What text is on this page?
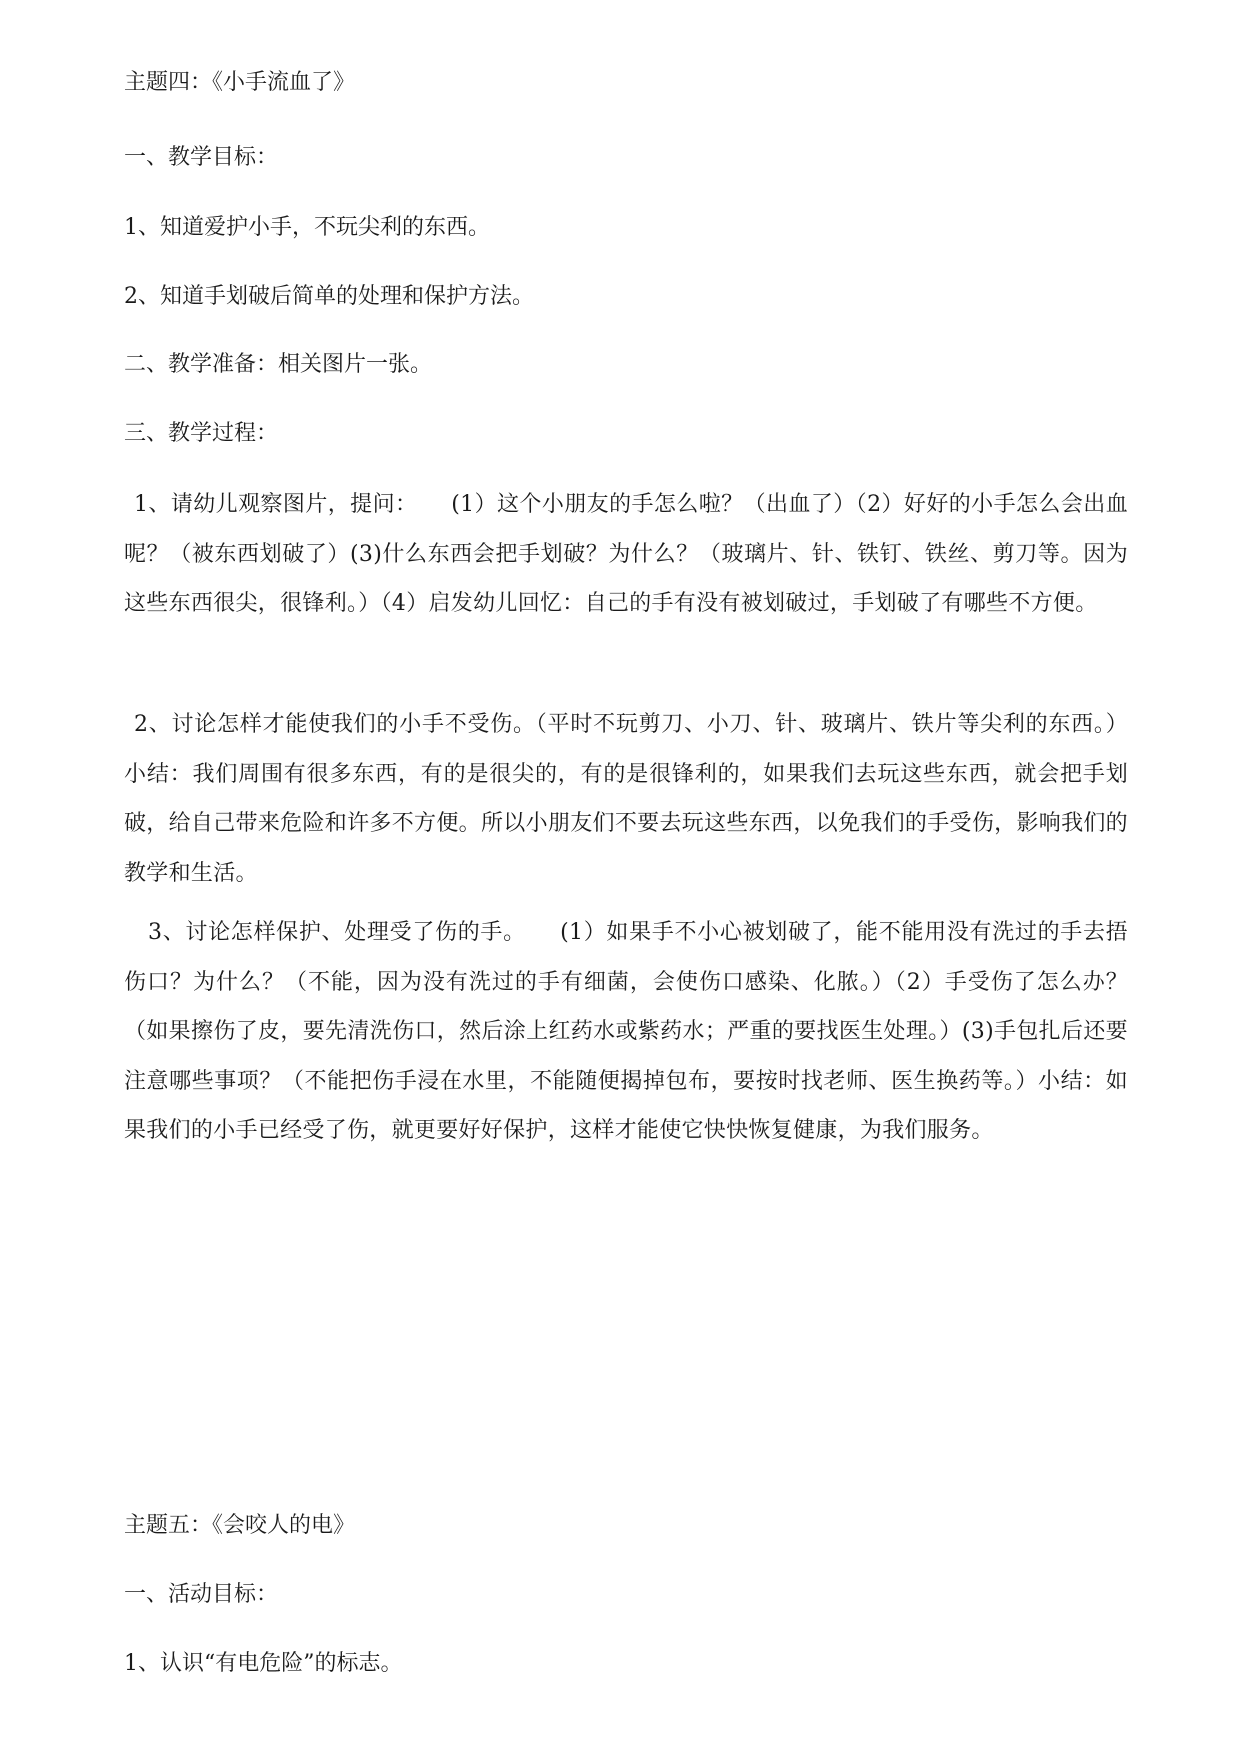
主题四：《小手流血了》
一、教学目标：
1、知道爱护小手，不玩尖利的东西。
2、知道手划破后简单的处理和保护方法。
二、教学准备：相关图片一张。
三、教学过程：
1、请幼儿观察图片，提问：　　(1）这个小朋友的手怎么啦？（出血了）（2）好好的小手怎么会出血呢？（被东西划破了）(3)什么东西会把手划破？为什么？（玻璃片、针、铁钉、铁丝、剪刀等。因为这些东西很尖，很锋利。）（4）启发幼儿回忆：自己的手有没有被划破过，手划破了有哪些不方便。
2、讨论怎样才能使我们的小手不受伤。（平时不玩剪刀、小刀、针、玻璃片、铁片等尖利的东西。）小结：我们周围有很多东西，有的是很尖的，有的是很锋利的，如果我们去玩这些东西，就会把手划破，给自己带来危险和许多不方便。所以小朋友们不要去玩这些东西，以免我们的手受伤，影响我们的教学和生活。
3、讨论怎样保护、处理受了伤的手。　　(1）如果手不小心被划破了，能不能用没有洗过的手去捂伤口？为什么？（不能，因为没有洗过的手有细菌，会使伤口感染、化脓。）（2）手受伤了怎么办？（如果擦伤了皮，要先清洗伤口，然后涂上红药水或紫药水；严重的要找医生处理。）(3)手包扎后还要注意哪些事项？（不能把伤手浸在水里，不能随便揭掉包布，要按时找老师、医生换药等。）小结：如果我们的小手已经受了伤，就更要好好保护，这样才能使它快快恢复健康，为我们服务。
主题五：《会咬人的电》
一、活动目标：
1、认识“有电危险”的标志。
